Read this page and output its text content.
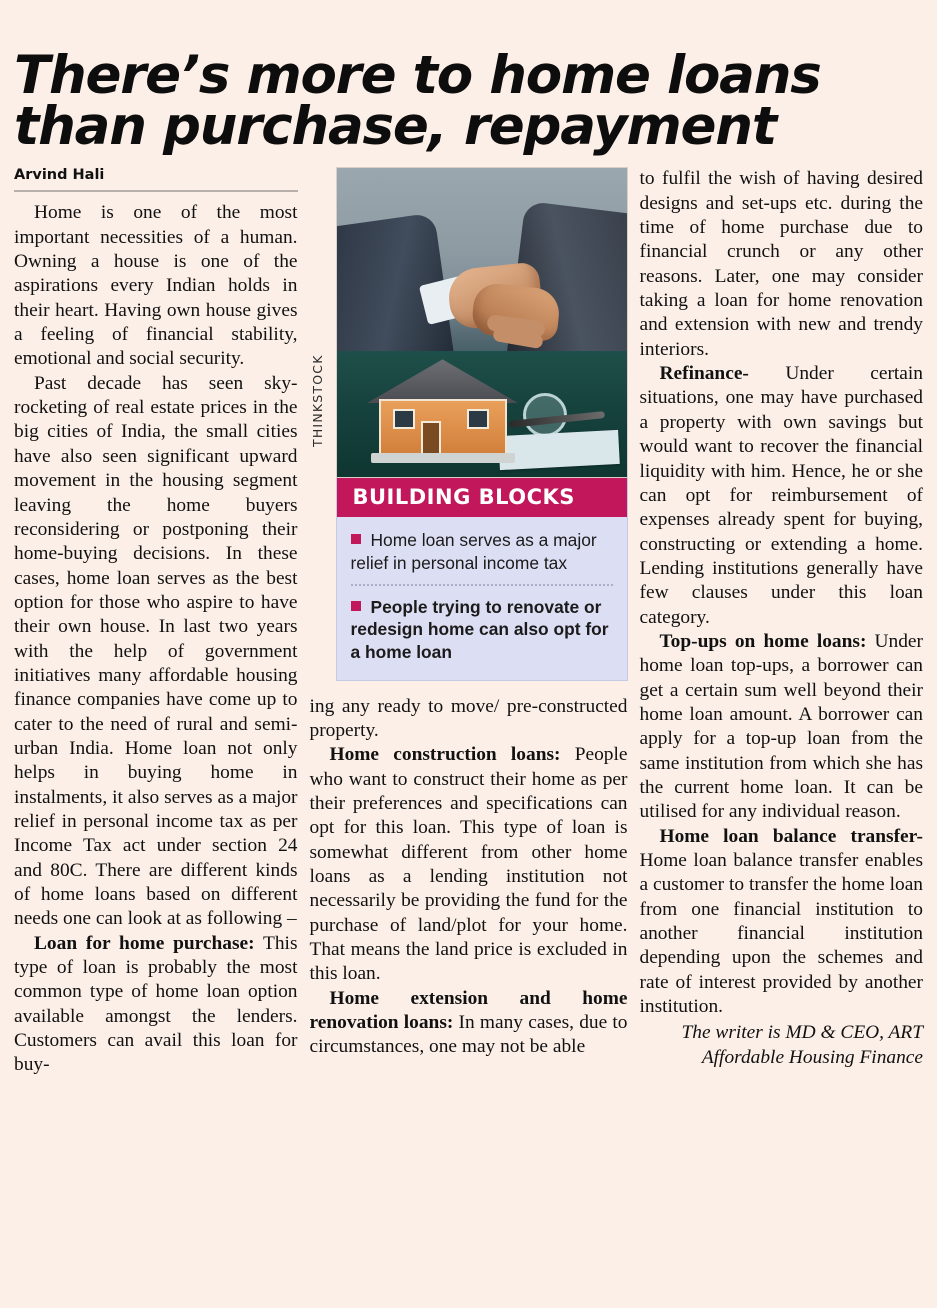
There’s more to home loans
than purchase, repayment
Arvind Hali

Home is one of the most important necessities of a human. Owning a house is one of the aspirations every Indian holds in their heart. Having own house gives a feeling of financial stability, emotional and social security.

Past decade has seen sky-rocketing of real estate prices in the big cities of India, the small cities have also seen significant upward movement in the housing segment leaving the home buyers reconsidering or postponing their home-buying decisions. In these cases, home loan serves as the best option for those who aspire to have their own house. In last two years with the help of government initiatives many affordable housing finance companies have come up to cater to the need of rural and semi-urban India. Home loan not only helps in buying home in instalments, it also serves as a major relief in personal income tax as per Income Tax act under section 24 and 80C. There are different kinds of home loans based on different needs one can look at as following –

Loan for home purchase: This type of loan is probably the most common type of home loan option available amongst the lenders. Customers can avail this loan for buy-

THINKSTOCK
BUILDING BLOCKS
Home loan serves as a major relief in personal income tax
People trying to renovate or redesign home can also opt for a home loan

ing any ready to move/ pre-constructed property.

Home construction loans: People who want to construct their home as per their preferences and specifications can opt for this loan. This type of loan is somewhat different from other home loans as a lending institution not necessarily be providing the fund for the purchase of land/plot for your home. That means the land price is excluded in this loan.

Home extension and home renovation loans: In many cases, due to circumstances, one may not be able

to fulfil the wish of having desired designs and set-ups etc. during the time of home purchase due to financial crunch or any other reasons. Later, one may consider taking a loan for home renovation and extension with new and trendy interiors.

Refinance- Under certain situations, one may have purchased a property with own savings but would want to recover the financial liquidity with him. Hence, he or she can opt for reimbursement of expenses already spent for buying, constructing or extending a home. Lending institutions generally have few clauses under this loan category.

Top-ups on home loans: Under home loan top-ups, a borrower can get a certain sum well beyond their home loan amount. A borrower can apply for a top-up loan from the same institution from which she has the current home loan. It can be utilised for any individual reason.

Home loan balance transfer- Home loan balance transfer enables a customer to transfer the home loan from one financial institution to another financial institution depending upon the schemes and rate of interest provided by another institution.

The writer is MD & CEO, ART Affordable Housing Finance
